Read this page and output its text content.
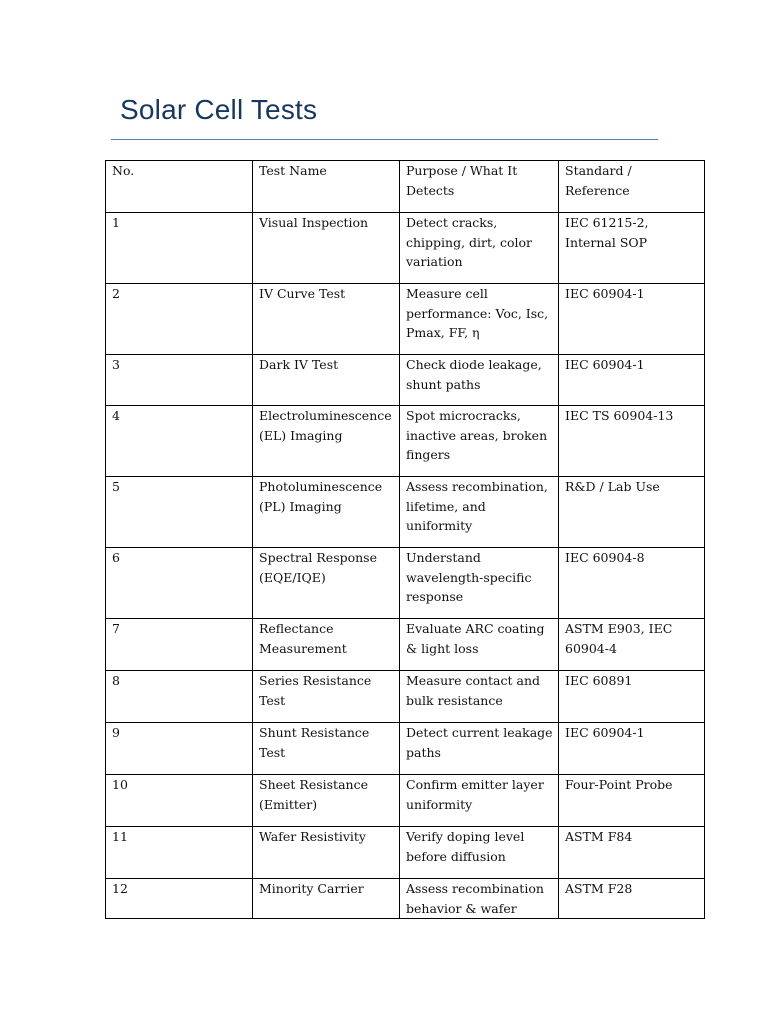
Solar Cell Tests
No.	Test Name	Purpose / What It Detects	Standard / Reference
1	Visual Inspection	Detect cracks, chipping, dirt, color variation	IEC 61215-2, Internal SOP
2	IV Curve Test	Measure cell performance: Voc, Isc, Pmax, FF, η	IEC 60904-1
3	Dark IV Test	Check diode leakage, shunt paths	IEC 60904-1
4	Electroluminescence (EL) Imaging	Spot microcracks, inactive areas, broken fingers	IEC TS 60904-13
5	Photoluminescence (PL) Imaging	Assess recombination, lifetime, and uniformity	R&D / Lab Use
6	Spectral Response (EQE/IQE)	Understand wavelength-specific response	IEC 60904-8
7	Reflectance Measurement	Evaluate ARC coating & light loss	ASTM E903, IEC 60904-4
8	Series Resistance Test	Measure contact and bulk resistance	IEC 60891
9	Shunt Resistance Test	Detect current leakage paths	IEC 60904-1
10	Sheet Resistance (Emitter)	Confirm emitter layer uniformity	Four-Point Probe
11	Wafer Resistivity	Verify doping level before diffusion	ASTM F84
12	Minority Carrier	Assess recombination behavior & wafer	ASTM F28
